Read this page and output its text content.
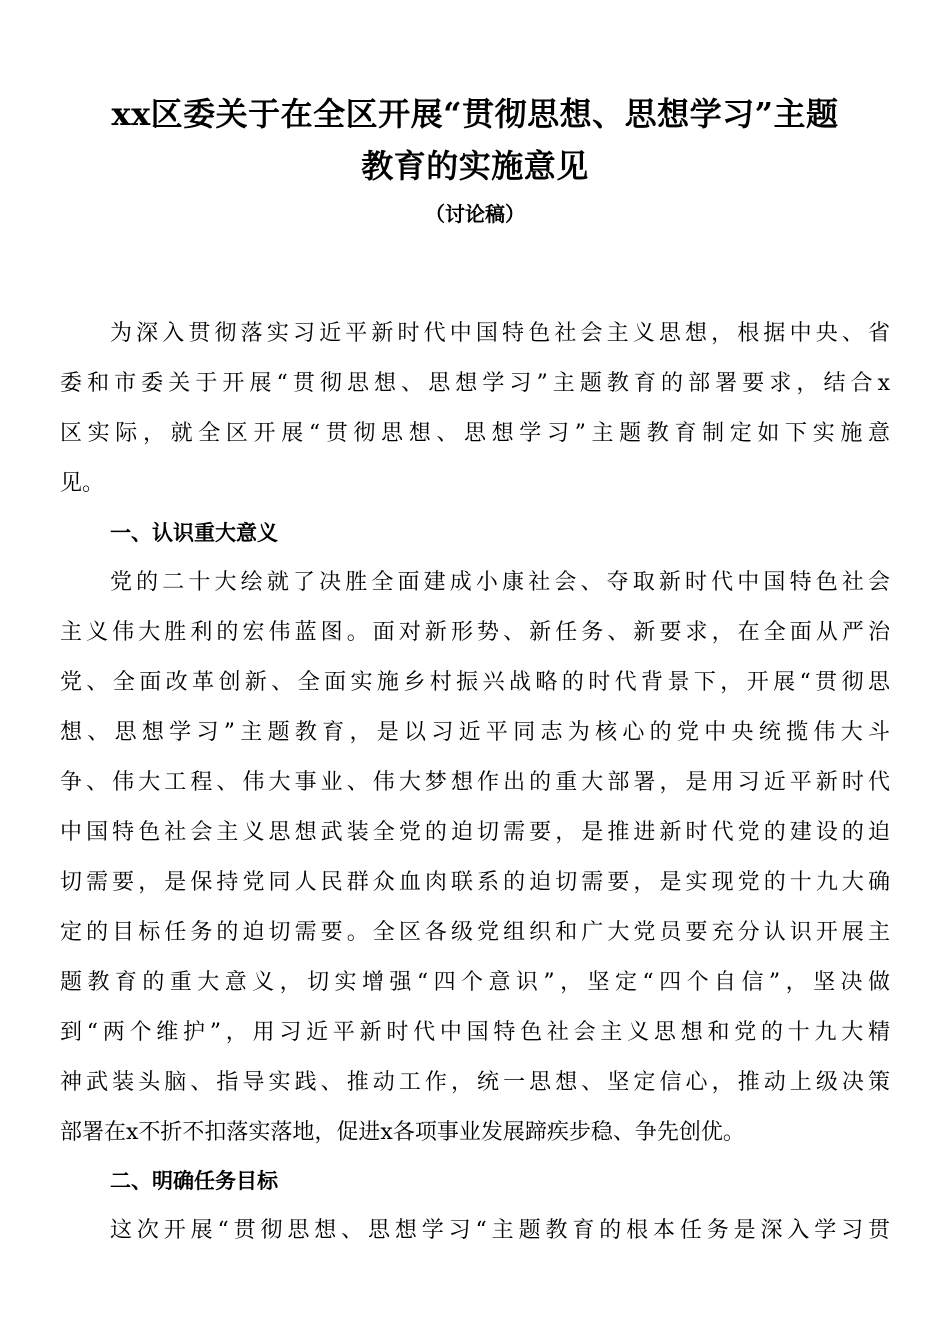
xx区委关于在全区开展“贯彻思想、思想学习”主题
教育的实施意见
（讨论稿）
为深入贯彻落实习近平新时代中国特色社会主义思想，根据中央、省
委和市委关于开展“贯彻思想、思想学习”主题教育的部署要求，结合x
区实际，就全区开展“贯彻思想、思想学习”主题教育制定如下实施意
见。
一、认识重大意义
党的二十大绘就了决胜全面建成小康社会、夺取新时代中国特色社会
主义伟大胜利的宏伟蓝图。面对新形势、新任务、新要求，在全面从严治
党、全面改革创新、全面实施乡村振兴战略的时代背景下，开展“贯彻思
想、思想学习”主题教育，是以习近平同志为核心的党中央统揽伟大斗
争、伟大工程、伟大事业、伟大梦想作出的重大部署，是用习近平新时代
中国特色社会主义思想武装全党的迫切需要，是推进新时代党的建设的迫
切需要，是保持党同人民群众血肉联系的迫切需要，是实现党的十九大确
定的目标任务的迫切需要。全区各级党组织和广大党员要充分认识开展主
题教育的重大意义，切实增强“四个意识”，坚定“四个自信”，坚决做
到“两个维护”，用习近平新时代中国特色社会主义思想和党的十九大精
神武装头脑、指导实践、推动工作，统一思想、坚定信心，推动上级决策
部署在x不折不扣落实落地，促进x各项事业发展蹄疾步稳、争先创优。
二、明确任务目标
这次开展“贯彻思想、思想学习“主题教育的根本任务是深入学习贯
